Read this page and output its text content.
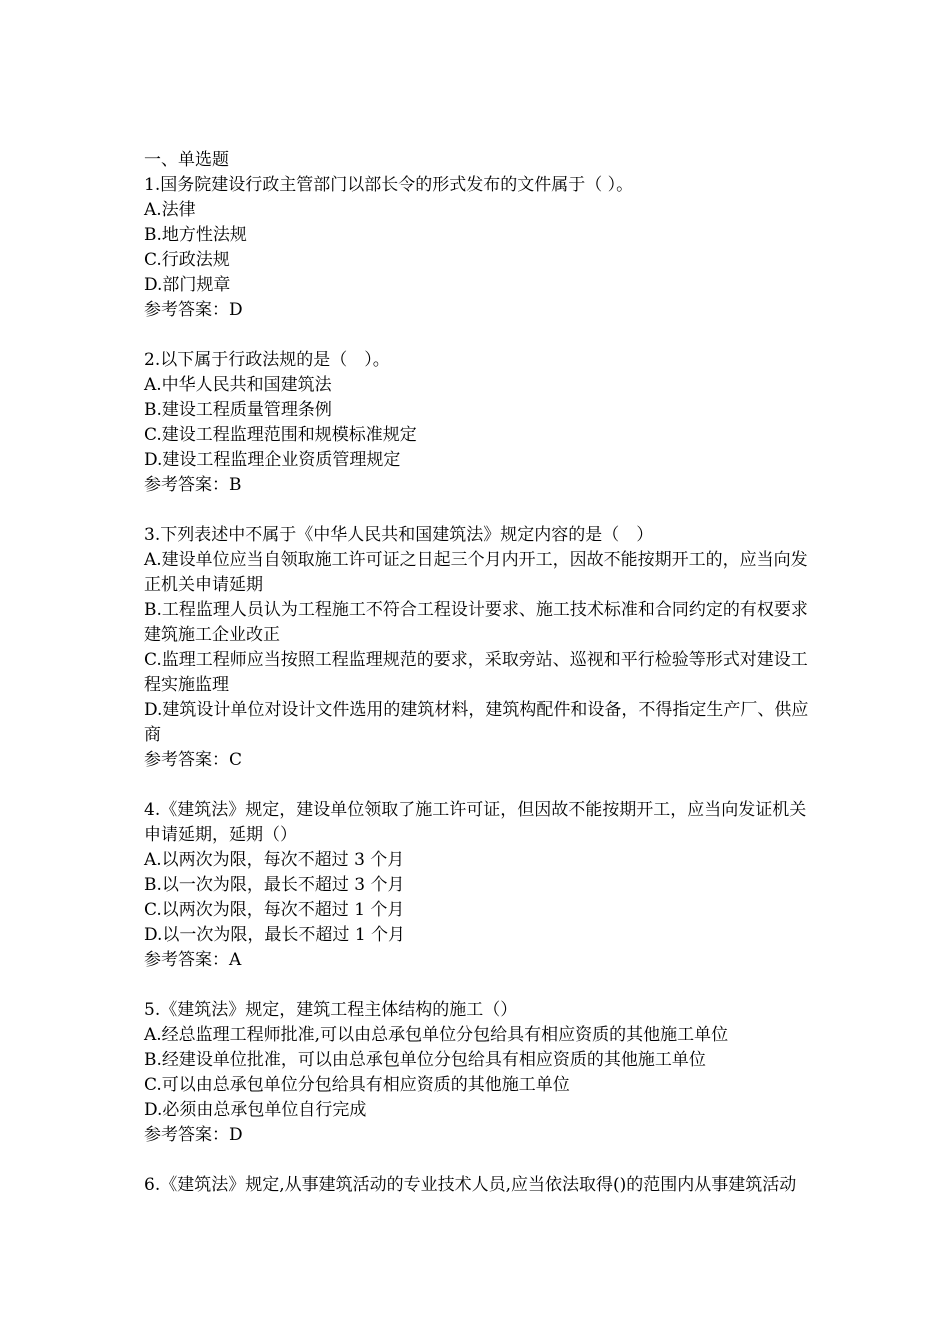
一、单选题
1.国务院建设行政主管部门以部长令的形式发布的文件属于（ ）。
A.法律
B.地方性法规
C.行政法规
D.部门规章
参考答案：D
2.以下属于行政法规的是（　）。
A.中华人民共和国建筑法
B.建设工程质量管理条例
C.建设工程监理范围和规模标准规定
D.建设工程监理企业资质管理规定
参考答案：B
3.下列表述中不属于《中华人民共和国建筑法》规定内容的是（　）
A.建设单位应当自领取施工许可证之日起三个月内开工，因故不能按期开工的，应当向发正机关申请延期
B.工程监理人员认为工程施工不符合工程设计要求、施工技术标准和合同约定的有权要求建筑施工企业改正
C.监理工程师应当按照工程监理规范的要求，采取旁站、巡视和平行检验等形式对建设工程实施监理
D.建筑设计单位对设计文件选用的建筑材料，建筑构配件和设备，不得指定生产厂、供应商
参考答案：C
4.《建筑法》规定，建设单位领取了施工许可证，但因故不能按期开工，应当向发证机关申请延期，延期（）
A.以两次为限，每次不超过 3 个月
B.以一次为限，最长不超过 3 个月
C.以两次为限，每次不超过 1 个月
D.以一次为限，最长不超过 1 个月
参考答案：A
5.《建筑法》规定，建筑工程主体结构的施工（）
A.经总监理工程师批准,可以由总承包单位分包给具有相应资质的其他施工单位
B.经建设单位批准，可以由总承包单位分包给具有相应资质的其他施工单位
C.可以由总承包单位分包给具有相应资质的其他施工单位
D.必须由总承包单位自行完成
参考答案：D
6.《建筑法》规定,从事建筑活动的专业技术人员,应当依法取得()的范围内从事建筑活动
